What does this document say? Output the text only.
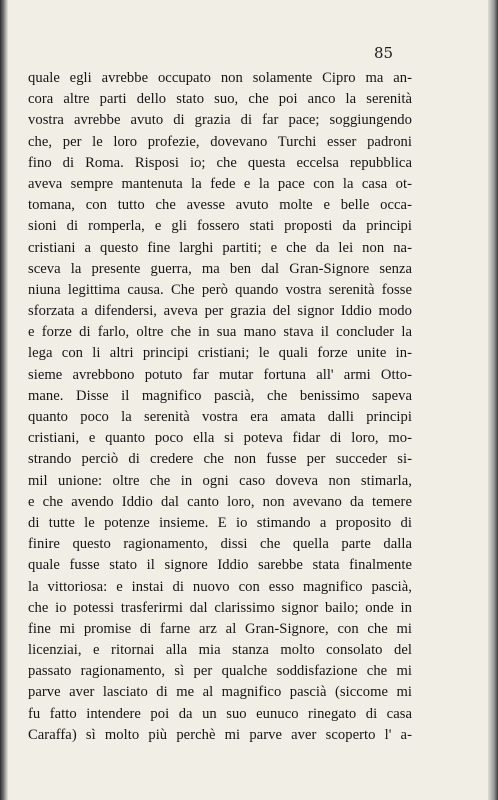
85
quale egli avrebbe occupato non solamente Cipro ma an-
cora altre parti dello stato suo, che poi anco la serenità
vostra avrebbe avuto di grazia di far pace; soggiungendo
che, per le loro profezie, dovevano Turchi esser padroni
fino di Roma. Risposi io; che questa eccelsa repubblica
aveva sempre mantenuta la fede e la pace con la casa ot-
tomana, con tutto che avesse avuto molte e belle occa-
sioni di romperla, e gli fossero stati proposti da principi
cristiani a questo fine larghi partiti; e che da lei non na-
sceva la presente guerra, ma ben dal Gran-Signore senza
niuna legittima causa. Che però quando vostra serenità fosse
sforzata a difendersi, aveva per grazia del signor Iddio modo
e forze di farlo, oltre che in sua mano stava il concluder la
lega con li altri principi cristiani; le quali forze unite in-
sieme avrebbono potuto far mutar fortuna all' armi Otto-
mane. Disse il magnifico pascià, che benissimo sapeva
quanto poco la serenità vostra era amata dalli principi
cristiani, e quanto poco ella si poteva fidar di loro, mo-
strando perciò di credere che non fusse per succeder si-
mil unione: oltre che in ogni caso doveva non stimarla,
e che avendo Iddio dal canto loro, non avevano da temere
di tutte le potenze insieme. E io stimando a proposito di
finire questo ragionamento, dissi che quella parte dalla
quale fusse stato il signore Iddio sarebbe stata finalmente
la vittoriosa: e instai di nuovo con esso magnifico pascià,
che io potessi trasferirmi dal clarissimo signor bailo; onde in
fine mi promise di farne arz al Gran-Signore, con che mi
licenziai, e ritornai alla mia stanza molto consolato del
passato ragionamento, sì per qualche soddisfazione che mi
parve aver lasciato di me al magnifico pascià (siccome mi
fu fatto intendere poi da un suo eunuco rinegato di casa
Caraffa) sì molto più perchè mi parve aver scoperto l' a-
